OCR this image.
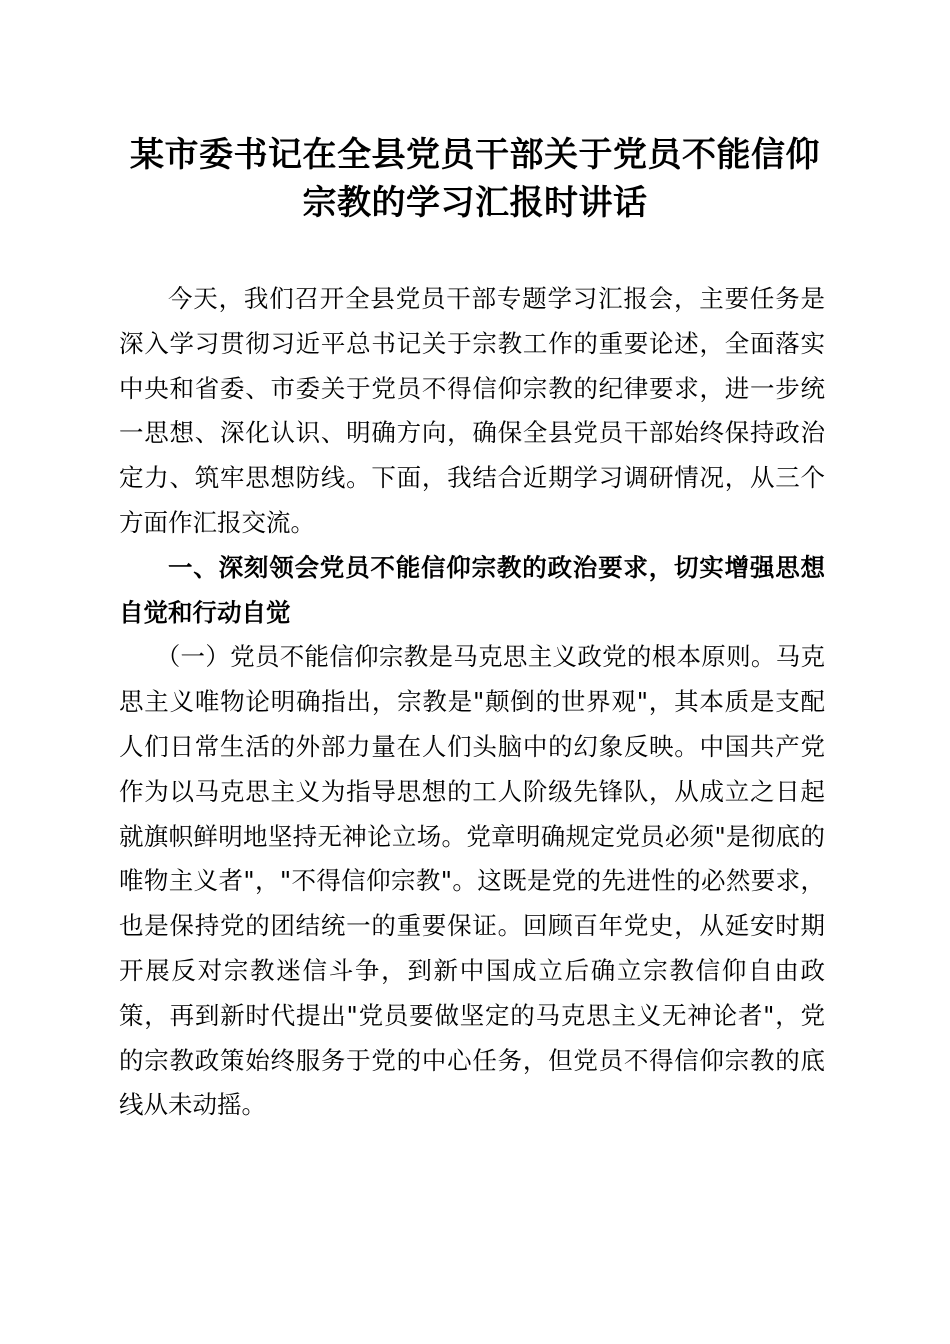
某市委书记在全县党员干部关于党员不能信仰
宗教的学习汇报时讲话

今天，我们召开全县党员干部专题学习汇报会，主要任务是深入学习贯彻习近平总书记关于宗教工作的重要论述，全面落实中央和省委、市委关于党员不得信仰宗教的纪律要求，进一步统一思想、深化认识、明确方向，确保全县党员干部始终保持政治定力、筑牢思想防线。下面，我结合近期学习调研情况，从三个方面作汇报交流。

一、深刻领会党员不能信仰宗教的政治要求，切实增强思想自觉和行动自觉

（一）党员不能信仰宗教是马克思主义政党的根本原则。马克思主义唯物论明确指出，宗教是"颠倒的世界观"，其本质是支配人们日常生活的外部力量在人们头脑中的幻象反映。中国共产党作为以马克思主义为指导思想的工人阶级先锋队，从成立之日起就旗帜鲜明地坚持无神论立场。党章明确规定党员必须"是彻底的唯物主义者"，"不得信仰宗教"。这既是党的先进性的必然要求，也是保持党的团结统一的重要保证。回顾百年党史，从延安时期开展反对宗教迷信斗争，到新中国成立后确立宗教信仰自由政策，再到新时代提出"党员要做坚定的马克思主义无神论者"，党的宗教政策始终服务于党的中心任务，但党员不得信仰宗教的底线从未动摇。
